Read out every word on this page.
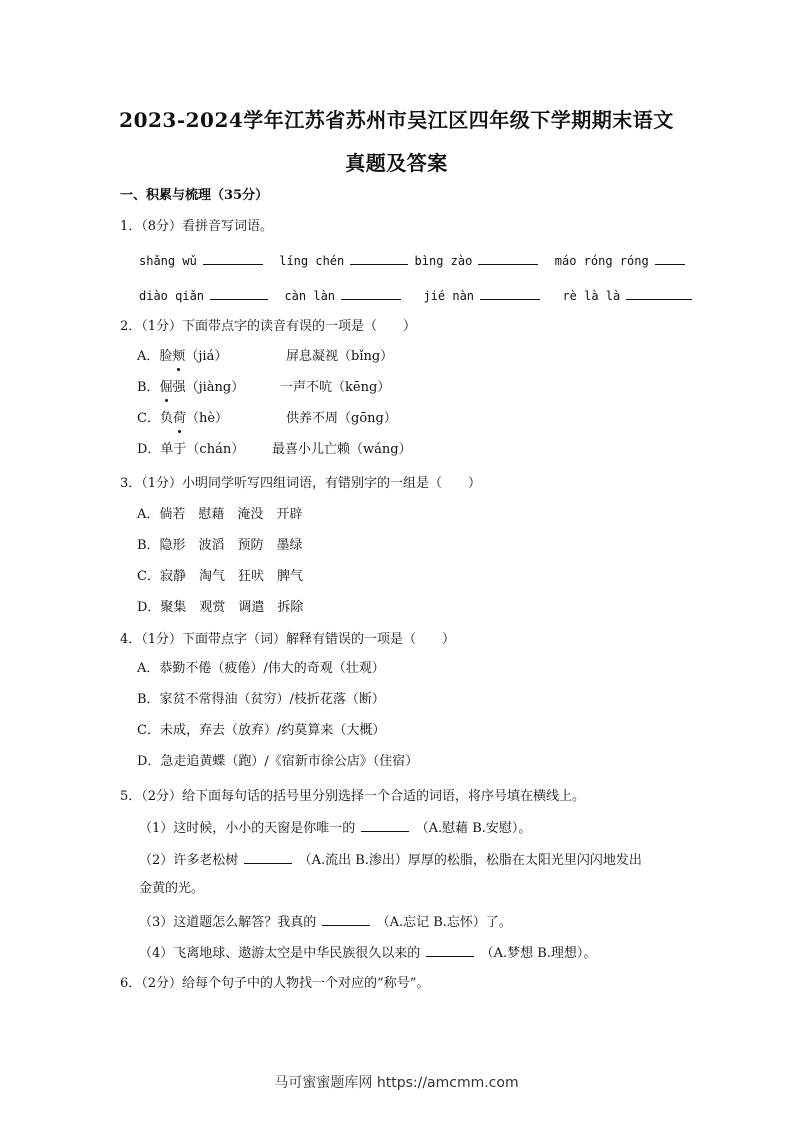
2023-2024学年江苏省苏州市吴江区四年级下学期期末语文
真题及答案
一、积累与梳理（35分）
1．（8分）看拼音写词语。
shǎng wǔ	líng chén	bìng zào	máo róng róng
diào qiǎn	càn làn	jié nàn	rè là là
2．（1分）下面带点字的读音有误的一项是（　　）
A．脸颊（jiá）	屏息凝视（bǐng）
B．倔强（jiàng）	一声不吭（kēng）
C．负荷（hè）	供养不周（gōng）
D．单于（chán） 最喜小儿亡赖（wáng）
3．（1分）小明同学听写四组词语，有错别字的一组是（　　）
A．倘若　慰藉　淹没　开辟
B．隐形　波滔　预防　墨绿
C．寂静　淘气　狂吠　脾气
D．聚集　观赏　调遣　拆除
4．（1分）下面带点字（词）解释有错误的一项是（　　）
A．恭勤不倦（疲倦）/伟大的奇观（壮观）
B．家贫不常得油（贫穷）/枝折花落（断）
C．未成，弃去（放弃）/约莫算来（大概）
D．急走追黄蝶（跑）/《宿新市徐公店》（住宿）
5．（2分）给下面每句话的括号里分别选择一个合适的词语，将序号填在横线上。
（1）这时候，小小的天窗是你唯一的	（A.慰藉 B.安慰）。
（2）许多老松树	（A.流出 B.渗出）厚厚的松脂，松脂在太阳光里闪闪地发出
金黄的光。
（3）这道题怎么解答？我真的	（A.忘记 B.忘怀）了。
（4）飞离地球、遨游太空是中华民族很久以来的	（A.梦想 B.理想）。
6．（2分）给每个句子中的人物找一个对应的“称号”。
马可蜜蜜题库网 https://amcmm.com
